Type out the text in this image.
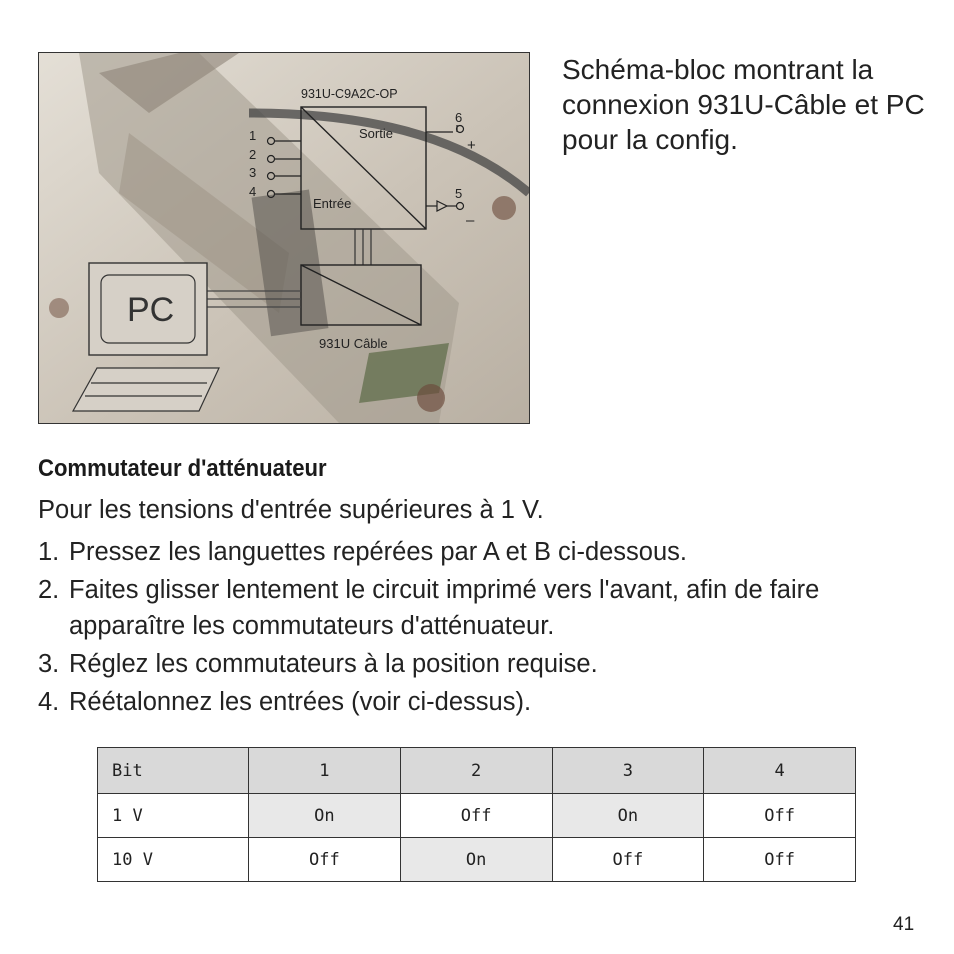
931U-C9A2C-OP
Sortie
Entrée
1
2
3
4
6
+
5
–
931U Câble
PC
Schéma-bloc montrant la connexion 931U-Câble et PC pour la config.
Commutateur d'atténuateur
Pour les tensions d'entrée supérieures à 1 V.
1. Pressez les languettes repérées par A et B ci-dessous.
2. Faites glisser lentement le circuit imprimé vers l'avant, afin de faire apparaître les commutateurs d'atténuateur.
3. Réglez les commutateurs à la position requise.
4. Réétalonnez les entrées (voir ci-dessus).
Bit	1	2	3	4
1 V	On	Off	On	Off
10 V	Off	On	Off	Off
41
